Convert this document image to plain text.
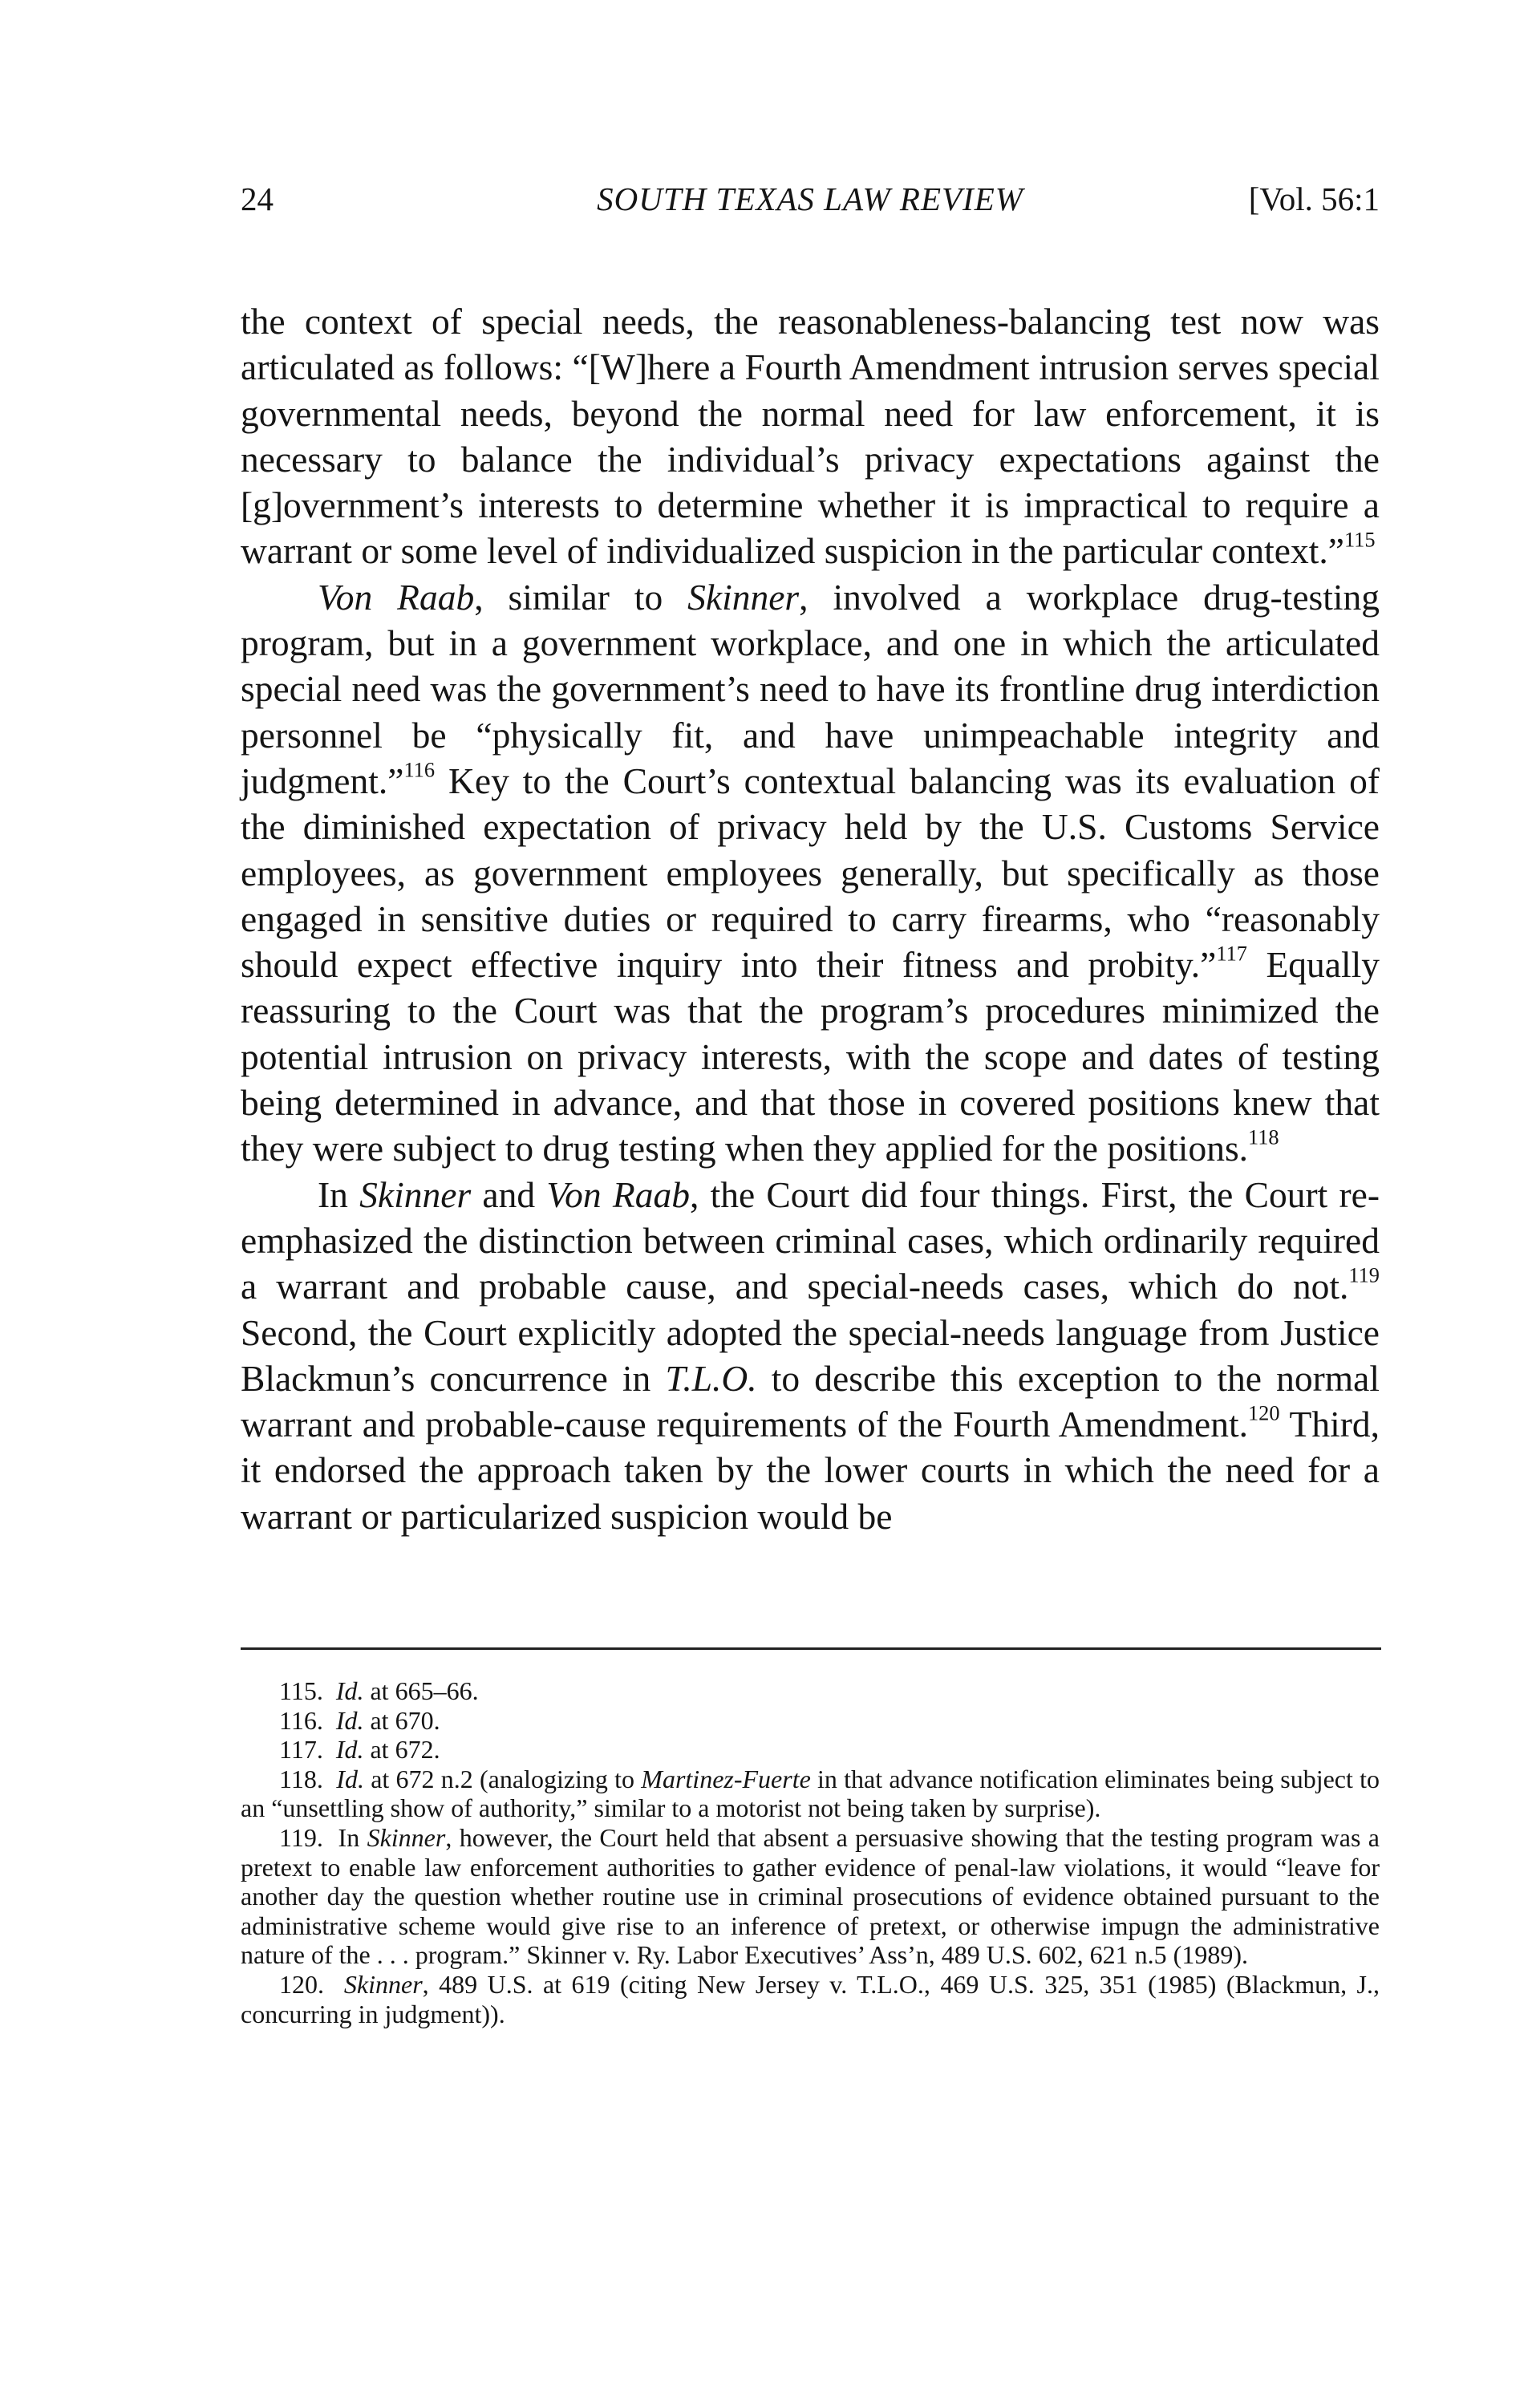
24	SOUTH TEXAS LAW REVIEW	[Vol. 56:1

the context of special needs, the reasonableness-balancing test now was articulated as follows: “[W]here a Fourth Amendment intrusion serves special governmental needs, beyond the normal need for law enforcement, it is necessary to balance the individual’s privacy expectations against the [g]overnment’s interests to determine whether it is impractical to require a warrant or some level of individualized suspicion in the particular context.”$^{115}$

Von Raab, similar to Skinner, involved a workplace drug-testing program, but in a government workplace, and one in which the articulated special need was the government’s need to have its frontline drug interdiction personnel be “physically fit, and have unimpeachable integrity and judgment.”$^{116}$ Key to the Court’s contextual balancing was its evaluation of the diminished expectation of privacy held by the U.S. Customs Service employees, as government employees generally, but specifically as those engaged in sensitive duties or required to carry firearms, who “reasonably should expect effective inquiry into their fitness and probity.”$^{117}$ Equally reassuring to the Court was that the program’s procedures minimized the potential intrusion on privacy interests, with the scope and dates of testing being determined in advance, and that those in covered positions knew that they were subject to drug testing when they applied for the positions.$^{118}$

In Skinner and Von Raab, the Court did four things. First, the Court re-emphasized the distinction between criminal cases, which ordinarily required a warrant and probable cause, and special-needs cases, which do not.$^{119}$ Second, the Court explicitly adopted the special-needs language from Justice Blackmun’s concurrence in T.L.O. to describe this exception to the normal warrant and probable-cause requirements of the Fourth Amendment.$^{120}$ Third, it endorsed the approach taken by the lower courts in which the need for a warrant or particularized suspicion would be

115. Id. at 665–66.

116. Id. at 670.

117. Id. at 672.

118. Id. at 672 n.2 (analogizing to Martinez-Fuerte in that advance notification eliminates being subject to an “unsettling show of authority,” similar to a motorist not being taken by surprise).

119. In Skinner, however, the Court held that absent a persuasive showing that the testing program was a pretext to enable law enforcement authorities to gather evidence of penal-law violations, it would “leave for another day the question whether routine use in criminal prosecutions of evidence obtained pursuant to the administrative scheme would give rise to an inference of pretext, or otherwise impugn the administrative nature of the . . . program.” Skinner v. Ry. Labor Executives’ Ass’n, 489 U.S. 602, 621 n.5 (1989).

120. Skinner, 489 U.S. at 619 (citing New Jersey v. T.L.O., 469 U.S. 325, 351 (1985) (Blackmun, J., concurring in judgment)).
